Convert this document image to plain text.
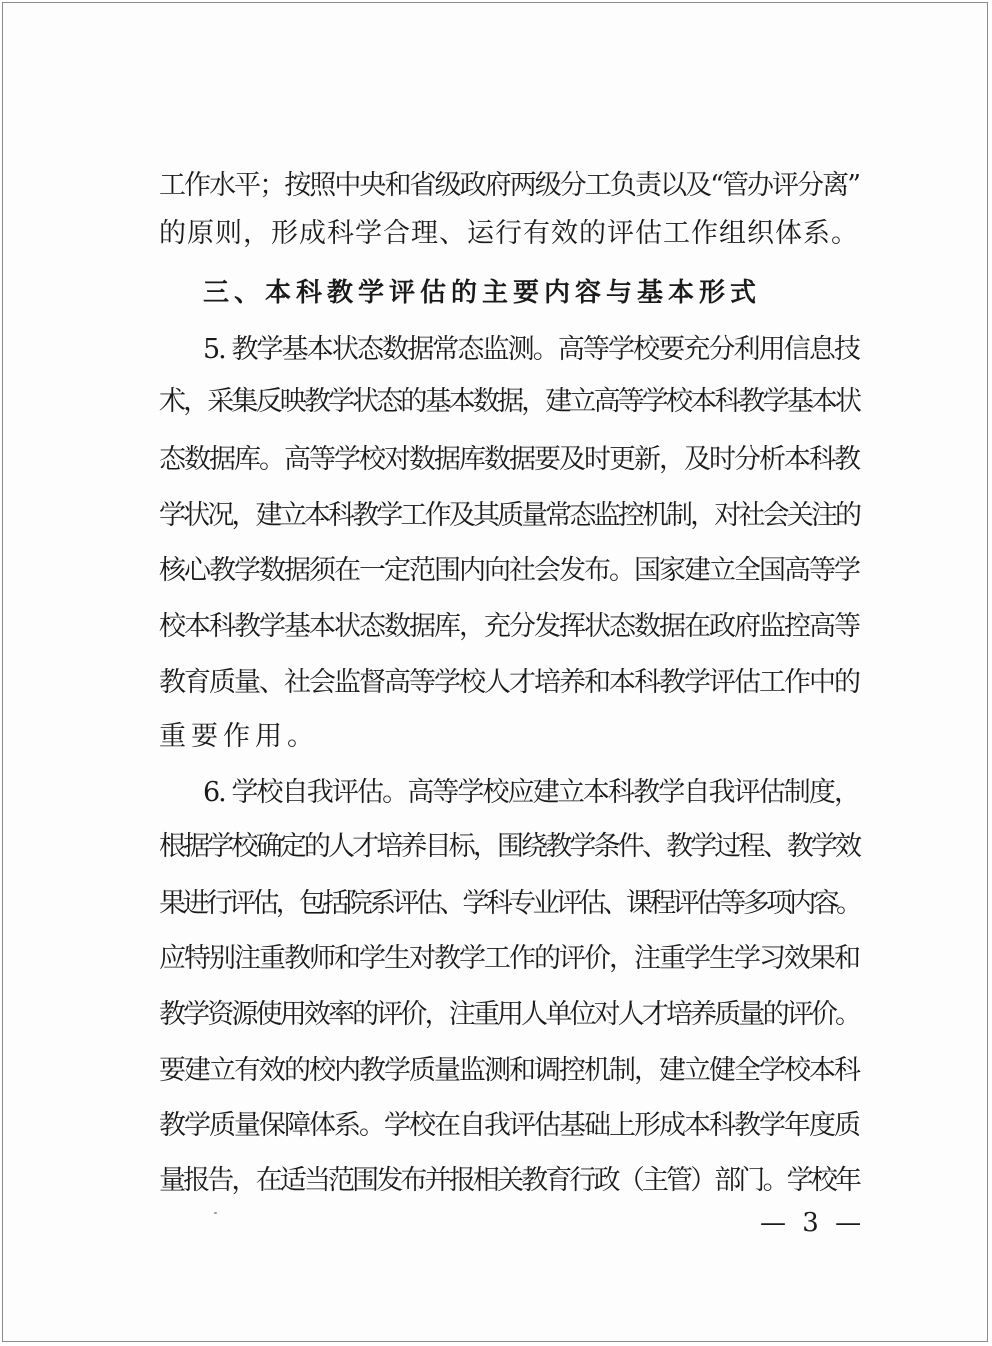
工作水平；按照中央和省级政府两级分工负责以及“管办评分离”
的原则，形成科学合理、运行有效的评估工作组织体系。
三、本科教学评估的主要内容与基本形式
5. 教学基本状态数据常态监测。高等学校要充分利用信息技
术，采集反映教学状态的基本数据，建立高等学校本科教学基本状
态数据库。高等学校对数据库数据要及时更新，及时分析本科教
学状况，建立本科教学工作及其质量常态监控机制，对社会关注的
核心教学数据须在一定范围内向社会发布。国家建立全国高等学
校本科教学基本状态数据库，充分发挥状态数据在政府监控高等
教育质量、社会监督高等学校人才培养和本科教学评估工作中的
重要作用。
6. 学校自我评估。高等学校应建立本科教学自我评估制度，
根据学校确定的人才培养目标，围绕教学条件、教学过程、教学效
果进行评估，包括院系评估、学科专业评估、课程评估等多项内容。
应特别注重教师和学生对教学工作的评价，注重学生学习效果和
教学资源使用效率的评价，注重用人单位对人才培养质量的评价。
要建立有效的校内教学质量监测和调控机制，建立健全学校本科
教学质量保障体系。学校在自我评估基础上形成本科教学年度质
量报告，在适当范围发布并报相关教育行政（主管）部门。学校年
— 3 —
